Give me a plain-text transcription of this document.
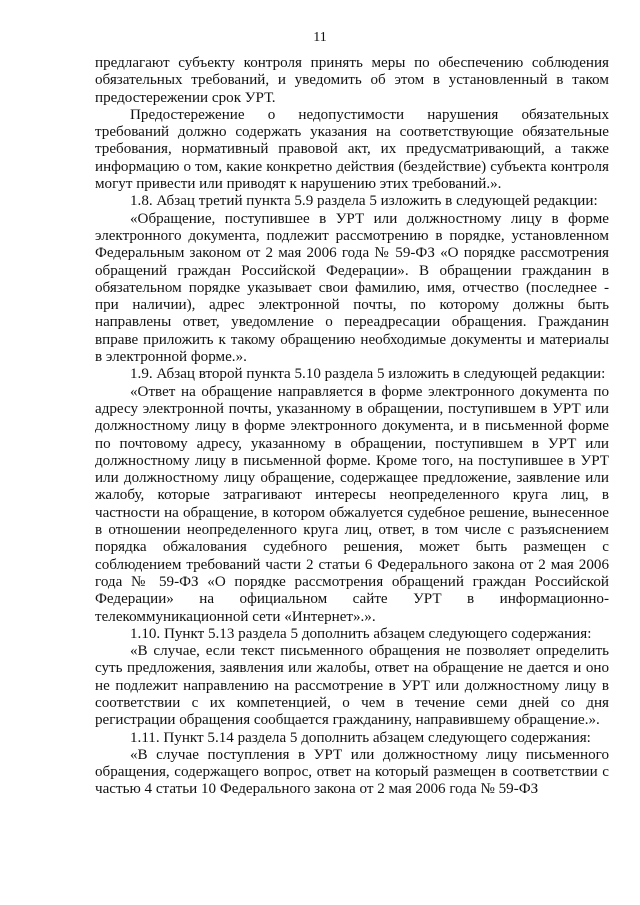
11

предлагают субъекту контроля принять меры по обеспечению соблюдения обязательных требований, и уведомить об этом в установленный в таком предостережении срок УРТ.

Предостережение о недопустимости нарушения обязательных требований должно содержать указания на соответствующие обязательные требования, нормативный правовой акт, их предусматривающий, а также информацию о том, какие конкретно действия (бездействие) субъекта контроля могут привести или приводят к нарушению этих требований.».

1.8. Абзац третий пункта 5.9 раздела 5 изложить в следующей редакции:

«Обращение, поступившее в УРТ или должностному лицу в форме электронного документа, подлежит рассмотрению в порядке, установленном Федеральным законом от 2 мая 2006 года № 59-ФЗ «О порядке рассмотрения обращений граждан Российской Федерации». В обращении гражданин в обязательном порядке указывает свои фамилию, имя, отчество (последнее - при наличии), адрес электронной почты, по которому должны быть направлены ответ, уведомление о переадресации обращения. Гражданин вправе приложить к такому обращению необходимые документы и материалы в электронной форме.».

1.9. Абзац второй пункта 5.10 раздела 5 изложить в следующей редакции:

«Ответ на обращение направляется в форме электронного документа по адресу электронной почты, указанному в обращении, поступившем в УРТ или должностному лицу в форме электронного документа, и в письменной форме по почтовому адресу, указанному в обращении, поступившем в УРТ или должностному лицу в письменной форме. Кроме того, на поступившее в УРТ или должностному лицу обращение, содержащее предложение, заявление или жалобу, которые затрагивают интересы неопределенного круга лиц, в частности на обращение, в котором обжалуется судебное решение, вынесенное в отношении неопределенного круга лиц, ответ, в том числе с разъяснением порядка обжалования судебного решения, может быть размещен с соблюдением требований части 2 статьи 6 Федерального закона от 2 мая 2006 года № 59-ФЗ «О порядке рассмотрения обращений граждан Российской Федерации» на официальном сайте УРТ в информационно-телекоммуникационной сети «Интернет».».

1.10. Пункт 5.13 раздела 5 дополнить абзацем следующего содержания:

«В случае, если текст письменного обращения не позволяет определить суть предложения, заявления или жалобы, ответ на обращение не дается и оно не подлежит направлению на рассмотрение в УРТ или должностному лицу в соответствии с их компетенцией, о чем в течение семи дней со дня регистрации обращения сообщается гражданину, направившему обращение.».

1.11. Пункт 5.14 раздела 5 дополнить абзацем следующего содержания:

«В случае поступления в УРТ или должностному лицу письменного обращения, содержащего вопрос, ответ на который размещен в соответствии с частью 4 статьи 10 Федерального закона от 2 мая 2006 года № 59-ФЗ
